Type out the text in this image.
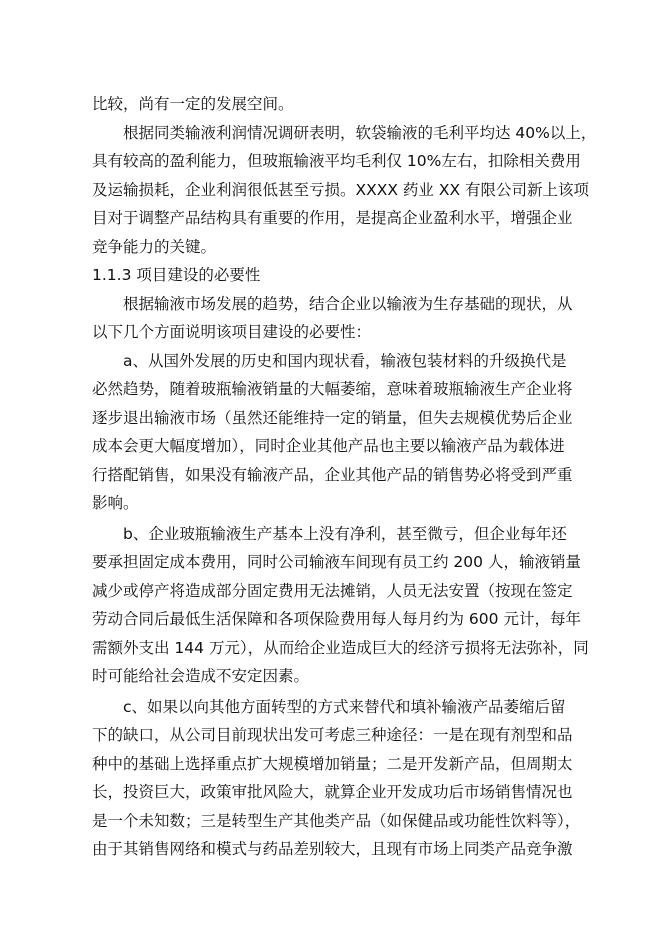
比较，尚有一定的发展空间。
根据同类输液利润情况调研表明，软袋输液的毛利平均达 40%以上，
具有较高的盈利能力，但玻瓶输液平均毛利仅 10%左右，扣除相关费用
及运输损耗，企业利润很低甚至亏损。XXXX 药业 XX 有限公司新上该项
目对于调整产品结构具有重要的作用，是提高企业盈利水平，增强企业
竞争能力的关键。
1.1.3 项目建设的必要性
根据输液市场发展的趋势，结合企业以输液为生存基础的现状，从
以下几个方面说明该项目建设的必要性：
a、从国外发展的历史和国内现状看，输液包装材料的升级换代是
必然趋势，随着玻瓶输液销量的大幅萎缩，意味着玻瓶输液生产企业将
逐步退出输液市场（虽然还能维持一定的销量，但失去规模优势后企业
成本会更大幅度增加），同时企业其他产品也主要以输液产品为载体进
行搭配销售，如果没有输液产品，企业其他产品的销售势必将受到严重
影响。
b、企业玻瓶输液生产基本上没有净利，甚至微亏，但企业每年还
要承担固定成本费用，同时公司输液车间现有员工约 200 人，输液销量
减少或停产将造成部分固定费用无法摊销，人员无法安置（按现在签定
劳动合同后最低生活保障和各项保险费用每人每月约为 600 元计，每年
需额外支出 144 万元），从而给企业造成巨大的经济亏损将无法弥补，同
时可能给社会造成不安定因素。
c、如果以向其他方面转型的方式来替代和填补输液产品萎缩后留
下的缺口，从公司目前现状出发可考虑三种途径：一是在现有剂型和品
种中的基础上选择重点扩大规模增加销量；二是开发新产品，但周期太
长，投资巨大，政策审批风险大，就算企业开发成功后市场销售情况也
是一个未知数；三是转型生产其他类产品（如保健品或功能性饮料等），
由于其销售网络和模式与药品差别较大，且现有市场上同类产品竞争激
